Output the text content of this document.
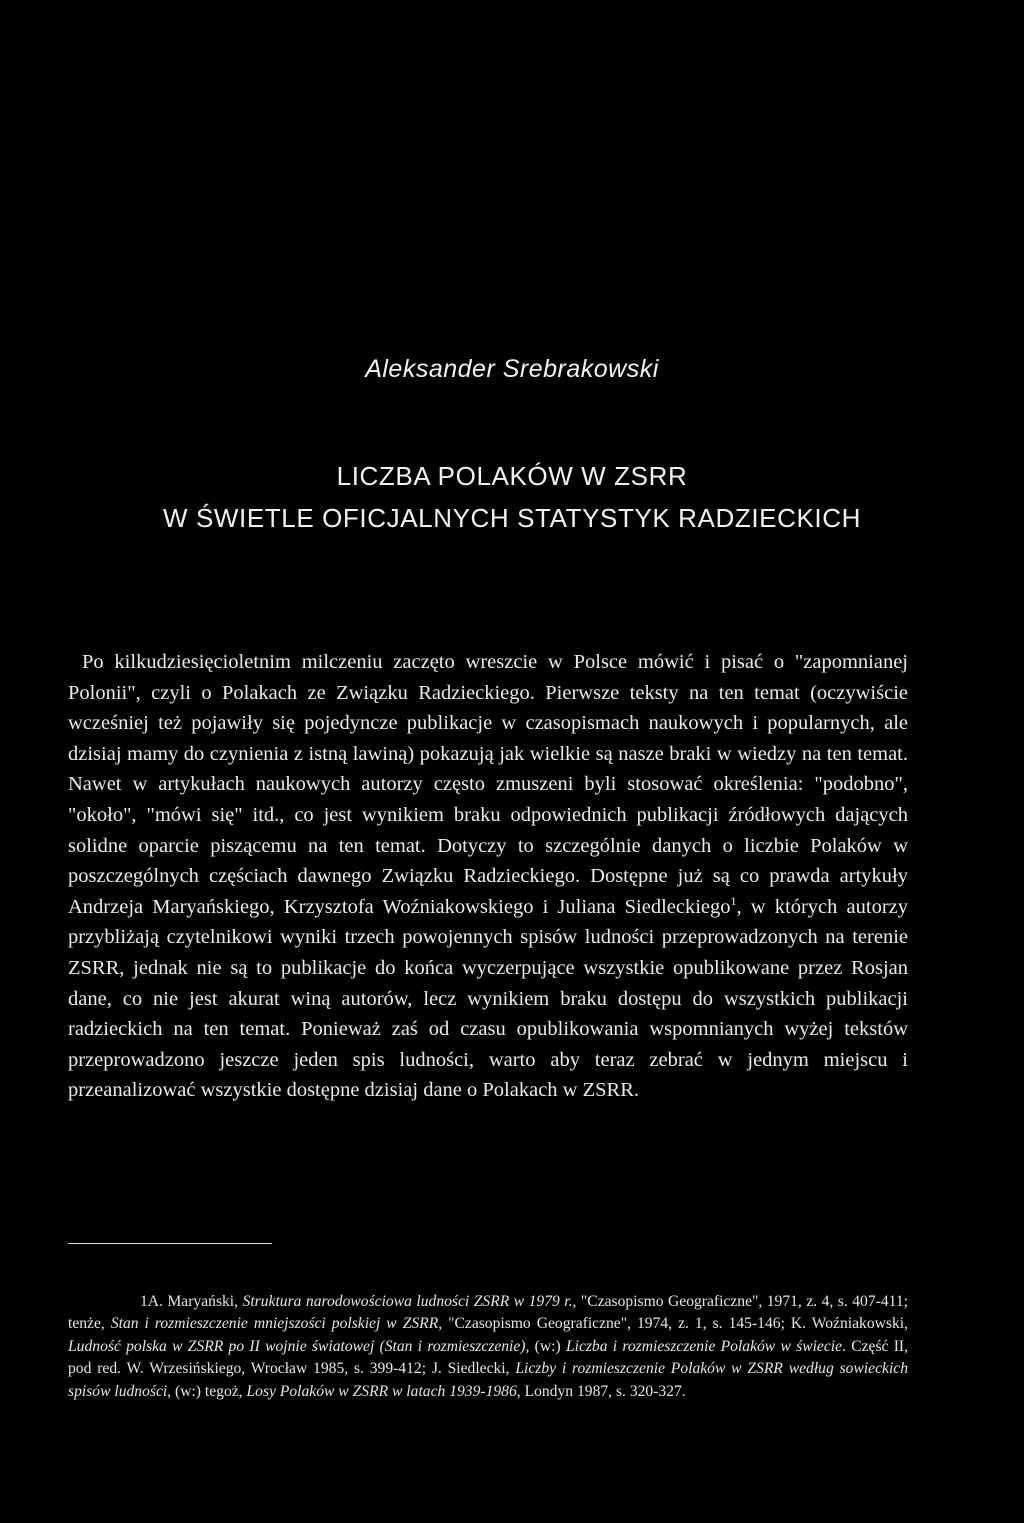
Aleksander Srebrakowski
LICZBA POLAKÓW W ZSRR
W ŚWIETLE OFICJALNYCH STATYSTYK RADZIECKICH

Po kilkudziesięcioletnim milczeniu zaczęto wreszcie w Polsce mówić i pisać o "zapomnianej Polonii", czyli o Polakach ze Związku Radzieckiego. Pierwsze teksty na ten temat (oczywiście wcześniej też pojawiły się pojedyncze publikacje w czasopismach naukowych i popularnych, ale dzisiaj mamy do czynienia z istną lawiną) pokazują jak wielkie są nasze braki w wiedzy na ten temat. Nawet w artykułach naukowych autorzy często zmuszeni byli stosować określenia: "podobno", "około", "mówi się" itd., co jest wynikiem braku odpowiednich publikacji źródłowych dających solidne oparcie piszącemu na ten temat. Dotyczy to szczególnie danych o liczbie Polaków w poszczególnych częściach dawnego Związku Radzieckiego. Dostępne już są co prawda artykuły Andrzeja Maryańskiego, Krzysztofa Woźniakowskiego i Juliana Siedleckiego$^1$, w których autorzy przybliżają czytelnikowi wyniki trzech powojennych spisów ludności przeprowadzonych na terenie ZSRR, jednak nie są to publikacje do końca wyczerpujące wszystkie opublikowane przez Rosjan dane, co nie jest akurat winą autorów, lecz wynikiem braku dostępu do wszystkich publikacji radzieckich na ten temat. Ponieważ zaś od czasu opublikowania wspomnianych wyżej tekstów przeprowadzono jeszcze jeden spis ludności, warto aby teraz zebrać w jednym miejscu i przeanalizować wszystkie dostępne dzisiaj dane o Polakach w ZSRR.

1A. Maryański, Struktura narodowościowa ludności ZSRR w 1979 r., "Czasopismo Geograficzne", 1971, z. 4, s. 407-411; tenże, Stan i rozmieszczenie mniejszości polskiej w ZSRR, "Czasopismo Geograficzne", 1974, z. 1, s. 145-146; K. Woźniakowski, Ludność polska w ZSRR po II wojnie światowej (Stan i rozmieszczenie), (w:) Liczba i rozmieszczenie Polaków w świecie. Część II, pod red. W. Wrzesińskiego, Wrocław 1985, s. 399-412; J. Siedlecki, Liczby i rozmieszczenie Polaków w ZSRR według sowieckich spisów ludności, (w:) tegoż, Losy Polaków w ZSRR w latach 1939-1986, Londyn 1987, s. 320-327.
